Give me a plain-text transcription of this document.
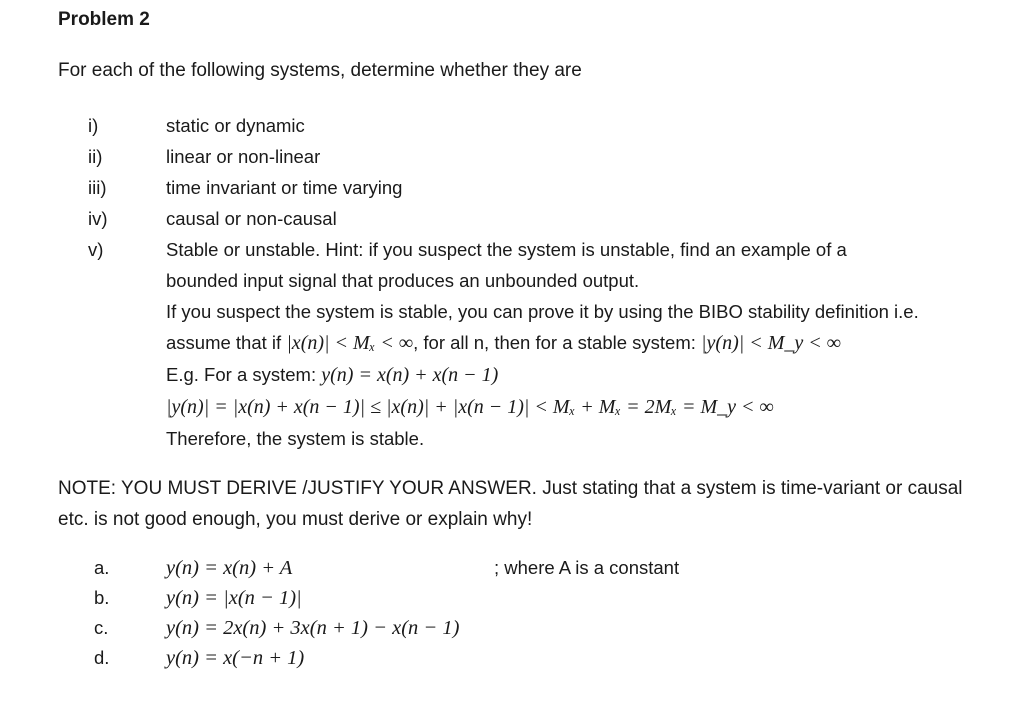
Problem 2
For each of the following systems, determine whether they are
i)	static or dynamic
ii)	linear or non-linear
iii)	time invariant or time varying
iv)	causal or non-causal
v)	Stable or unstable. Hint: if you suspect the system is unstable, find an example of a
bounded input signal that produces an unbounded output.
If you suspect the system is stable, you can prove it by using the BIBO stability definition i.e.
assume that if |x(n)| < Mₓ < ∞, for all n, then for a stable system: |y(n)| < M_y < ∞
E.g. For a system: y(n) = x(n) + x(n − 1)
|y(n)| = |x(n) + x(n − 1)| ≤ |x(n)| + |x(n − 1)| < Mₓ + Mₓ = 2Mₓ = M_y < ∞
Therefore, the system is stable.
NOTE: YOU MUST DERIVE /JUSTIFY YOUR ANSWER. Just stating that a system is time-variant or causal
etc. is not good enough, you must derive or explain why!
a.	y(n) = x(n) + A	; where A is a constant
b.	y(n) = |x(n − 1)|
c.	y(n) = 2x(n) + 3x(n + 1) − x(n − 1)
d.	y(n) = x(−n + 1)
